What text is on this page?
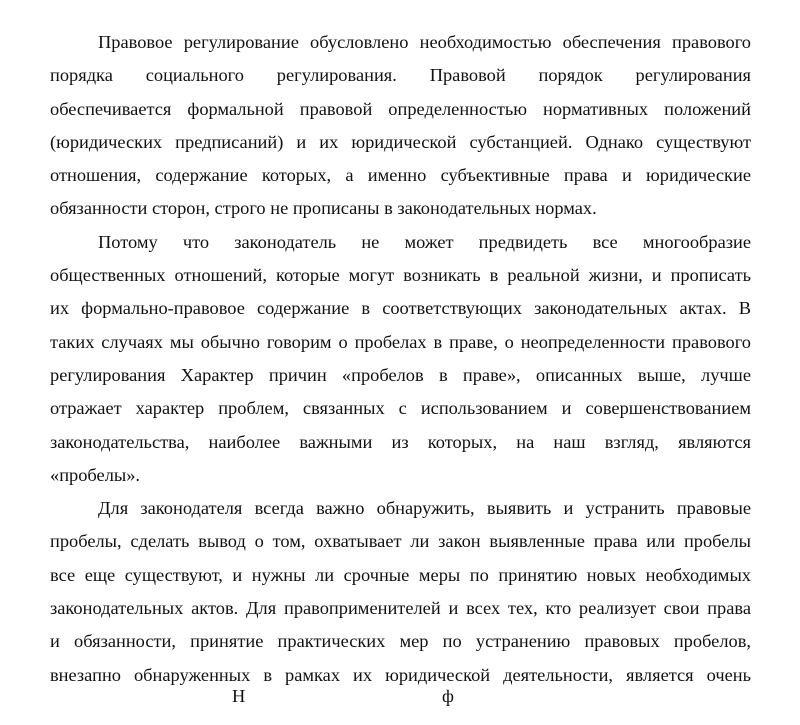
Правовое регулирование обусловлено необходимостью обеспечения правового
порядка социального регулирования. Правовой порядок регулирования
обеспечивается формальной правовой определенностью нормативных положений
(юридических предписаний) и их юридической субстанцией. Однако существуют
отношения, содержание которых, а именно субъективные права и юридические
обязанности сторон, строго не прописаны в законодательных нормах.
Потому что законодатель не может предвидеть все многообразие
общественных отношений, которые могут возникать в реальной жизни, и прописать
их формально-правовое содержание в соответствующих законодательных актах. В
таких случаях мы обычно говорим о пробелах в праве, о неопределенности правового
регулирования Характер причин «пробелов в праве», описанных выше, лучше
отражает характер проблем, связанных с использованием и совершенствованием
законодательства, наиболее важными из которых, на наш взгляд, являются
«пробелы».
Для законодателя всегда важно обнаружить, выявить и устранить правовые
пробелы, сделать вывод о том, охватывает ли закон выявленные права или пробелы
все еще существуют, и нужны ли срочные меры по принятию новых необходимых
законодательных актов. Для правоприменителей и всех тех, кто реализует свои права
и обязанности, принятие практических мер по устранению правовых пробелов,
внезапно обнаруженных в рамках их юридической деятельности, является очень
Н	ф
